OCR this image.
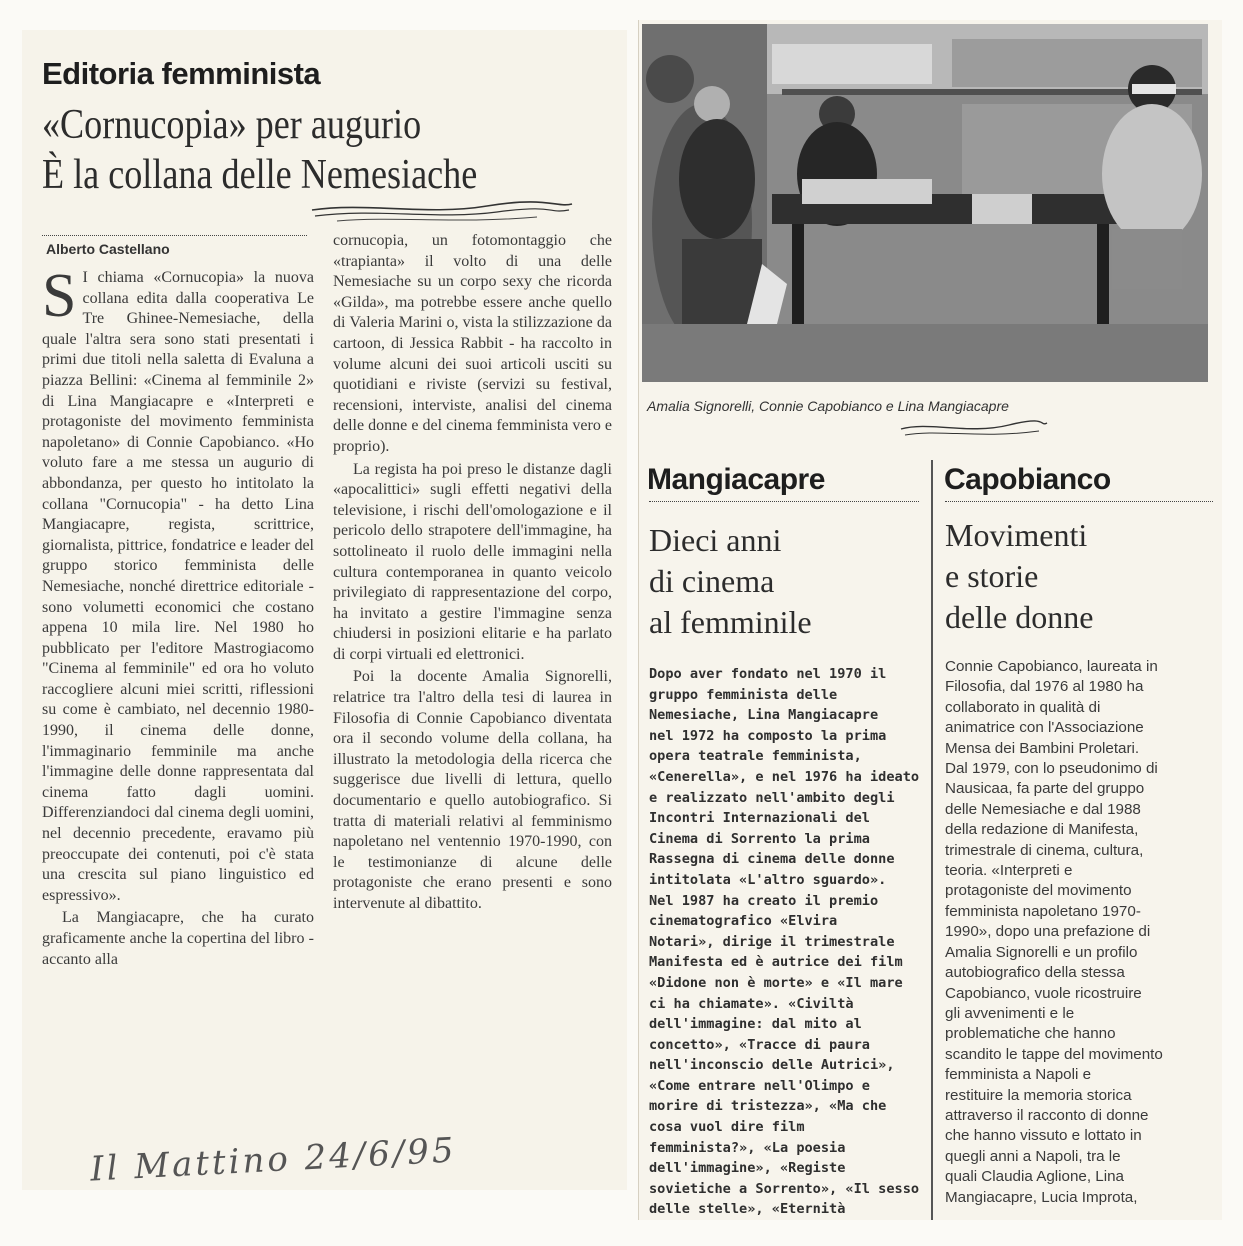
Editoria femminista
«Cornucopia» per augurio
È la collana delle Nemesiache
Alberto Castellano

S I chiama «Cornucopia» la nuova collana edita dalla cooperativa Le Tre Ghinee-Nemesiache, della quale l'altra sera sono stati presentati i primi due titoli nella saletta di Evaluna a piazza Bellini: «Cinema al femminile 2» di Lina Mangiacapre e «Interpreti e protagoniste del movimento femminista napoletano» di Connie Capobianco. «Ho voluto fare a me stessa un augurio di abbondanza, per questo ho intitolato la collana "Cornucopia" - ha detto Lina Mangiacapre, regista, scrittrice, giornalista, pittrice, fondatrice e leader del gruppo storico femminista delle Nemesiache, nonché direttrice editoriale - sono volumetti economici che costano appena 10 mila lire. Nel 1980 ho pubblicato per l'editore Mastrogiacomo "Cinema al femminile" ed ora ho voluto raccogliere alcuni miei scritti, riflessioni su come è cambiato, nel decennio 1980-1990, il cinema delle donne, l'immaginario femminile ma anche l'immagine delle donne rappresentata dal cinema fatto dagli uomini. Differenziandoci dal cinema degli uomini, nel decennio precedente, eravamo più preoccupate dei contenuti, poi c'è stata una crescita sul piano linguistico ed espressivo».

La Mangiacapre, che ha curato graficamente anche la copertina del libro - accanto alla

cornucopia, un fotomontaggio che «trapianta» il volto di una delle Nemesiache su un corpo sexy che ricorda «Gilda», ma potrebbe essere anche quello di Valeria Marini o, vista la stilizzazione da cartoon, di Jessica Rabbit - ha raccolto in volume alcuni dei suoi articoli usciti su quotidiani e riviste (servizi su festival, recensioni, interviste, analisi del cinema delle donne e del cinema femminista vero e proprio).

La regista ha poi preso le distanze dagli «apocalittici» sugli effetti negativi della televisione, i rischi dell'omologazione e il pericolo dello strapotere dell'immagine, ha sottolineato il ruolo delle immagini nella cultura contemporanea in quanto veicolo privilegiato di rappresentazione del corpo, ha invitato a gestire l'immagine senza chiudersi in posizioni elitarie e ha parlato di corpi virtuali ed elettronici.

Poi la docente Amalia Signorelli, relatrice tra l'altro della tesi di laurea in Filosofia di Connie Capobianco diventata ora il secondo volume della collana, ha illustrato la metodologia della ricerca che suggerisce due livelli di lettura, quello documentario e quello autobiografico. Si tratta di materiali relativi al femminismo napoletano nel ventennio 1970-1990, con le testimonianze di alcune delle protagoniste che erano presenti e sono intervenute al dibattito.

Amalia Signorelli, Connie Capobianco e Lina Mangiacapre
Mangiacapre
Dieci anni
di cinema
al femminile
Dopo aver fondato nel 1970 il
gruppo femminista delle
Nemesiache, Lina Mangiacapre
nel 1972 ha composto la prima
opera teatrale femminista,
«Cenerella», e nel 1976 ha ideato
e realizzato nell'ambito degli
Incontri Internazionali del
Cinema di Sorrento la prima
Rassegna di cinema delle donne
intitolata «L'altro sguardo».
Nel 1987 ha creato il premio
cinematografico «Elvira
Notari», dirige il trimestrale
Manifesta ed è autrice dei film
«Didone non è morte» e «Il mare
ci ha chiamate». «Civiltà
dell'immagine: dal mito al
concetto», «Tracce di paura
nell'inconscio delle Autrici»,
«Come entrare nell'Olimpo e
morire di tristezza», «Ma che
cosa vuol dire film
femminista?», «La poesia
dell'immagine», «Registe
sovietiche a Sorrento», «Il sesso
delle stelle», «Eternità
Capobianco
Movimenti
e storie
delle donne
Connie Capobianco, laureata in
Filosofia, dal 1976 al 1980 ha
collaborato in qualità di
animatrice con l'Associazione
Mensa dei Bambini Proletari.
Dal 1979, con lo pseudonimo di
Nausicaa, fa parte del gruppo
delle Nemesiache e dal 1988
della redazione di Manifesta,
trimestrale di cinema, cultura,
teoria. «Interpreti e
protagoniste del movimento
femminista napoletano 1970-
1990», dopo una prefazione di
Amalia Signorelli e un profilo
autobiografico della stessa
Capobianco, vuole ricostruire
gli avvenimenti e le
problematiche che hanno
scandito le tappe del movimento
femminista a Napoli e
restituire la memoria storica
attraverso il racconto di donne
che hanno vissuto e lottato in
quegli anni a Napoli, tra le
quali Claudia Aglione, Lina
Mangiacapre, Lucia Improta,
Il Mattino 24/6/95
